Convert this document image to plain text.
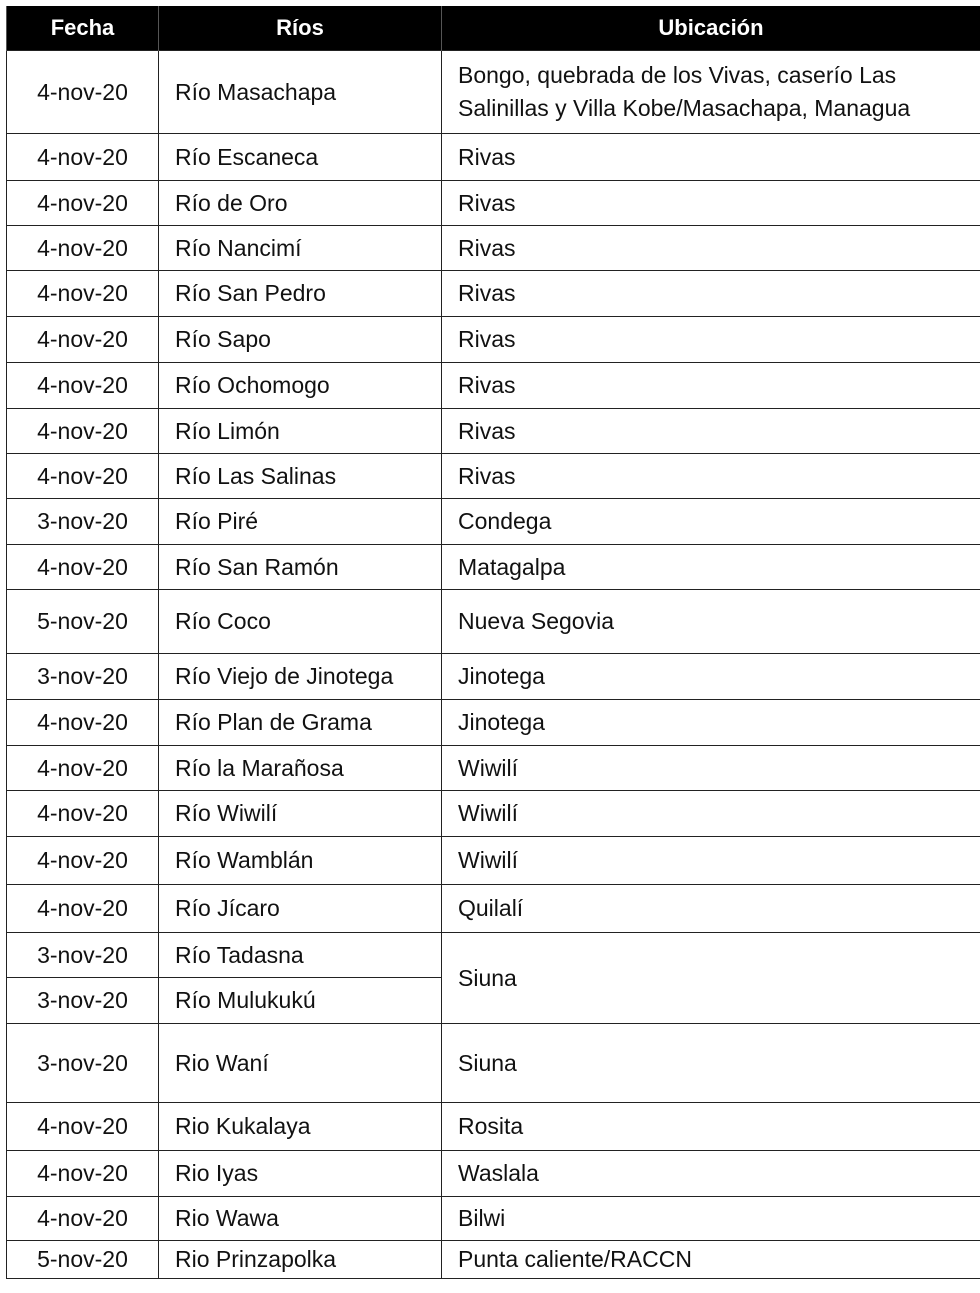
Fecha	Ríos	Ubicación
4-nov-20	Río Masachapa	Bongo, quebrada de los Vivas, caserío Las Salinillas y Villa Kobe/Masachapa, Managua
4-nov-20	Río Escaneca	Rivas
4-nov-20	Río de Oro	Rivas
4-nov-20	Río Nancimí	Rivas
4-nov-20	Río San Pedro	Rivas
4-nov-20	Río Sapo	Rivas
4-nov-20	Río Ochomogo	Rivas
4-nov-20	Río Limón	Rivas
4-nov-20	Río Las Salinas	Rivas
3-nov-20	Río Piré	Condega
4-nov-20	Río San Ramón	Matagalpa
5-nov-20	Río Coco	Nueva Segovia
3-nov-20	Río Viejo de Jinotega	Jinotega
4-nov-20	Río Plan de Grama	Jinotega
4-nov-20	Río la Marañosa	Wiwilí
4-nov-20	Río Wiwilí	Wiwilí
4-nov-20	Río Wamblán	Wiwilí
4-nov-20	Río Jícaro	Quilalí
3-nov-20	Río Tadasna	Siuna
3-nov-20	Río Mulukukú	
3-nov-20	Rio Waní	Siuna
4-nov-20	Rio Kukalaya	Rosita
4-nov-20	Rio Iyas	Waslala
4-nov-20	Rio Wawa	Bilwi
5-nov-20	Rio Prinzapolka	Punta caliente/RACCN
